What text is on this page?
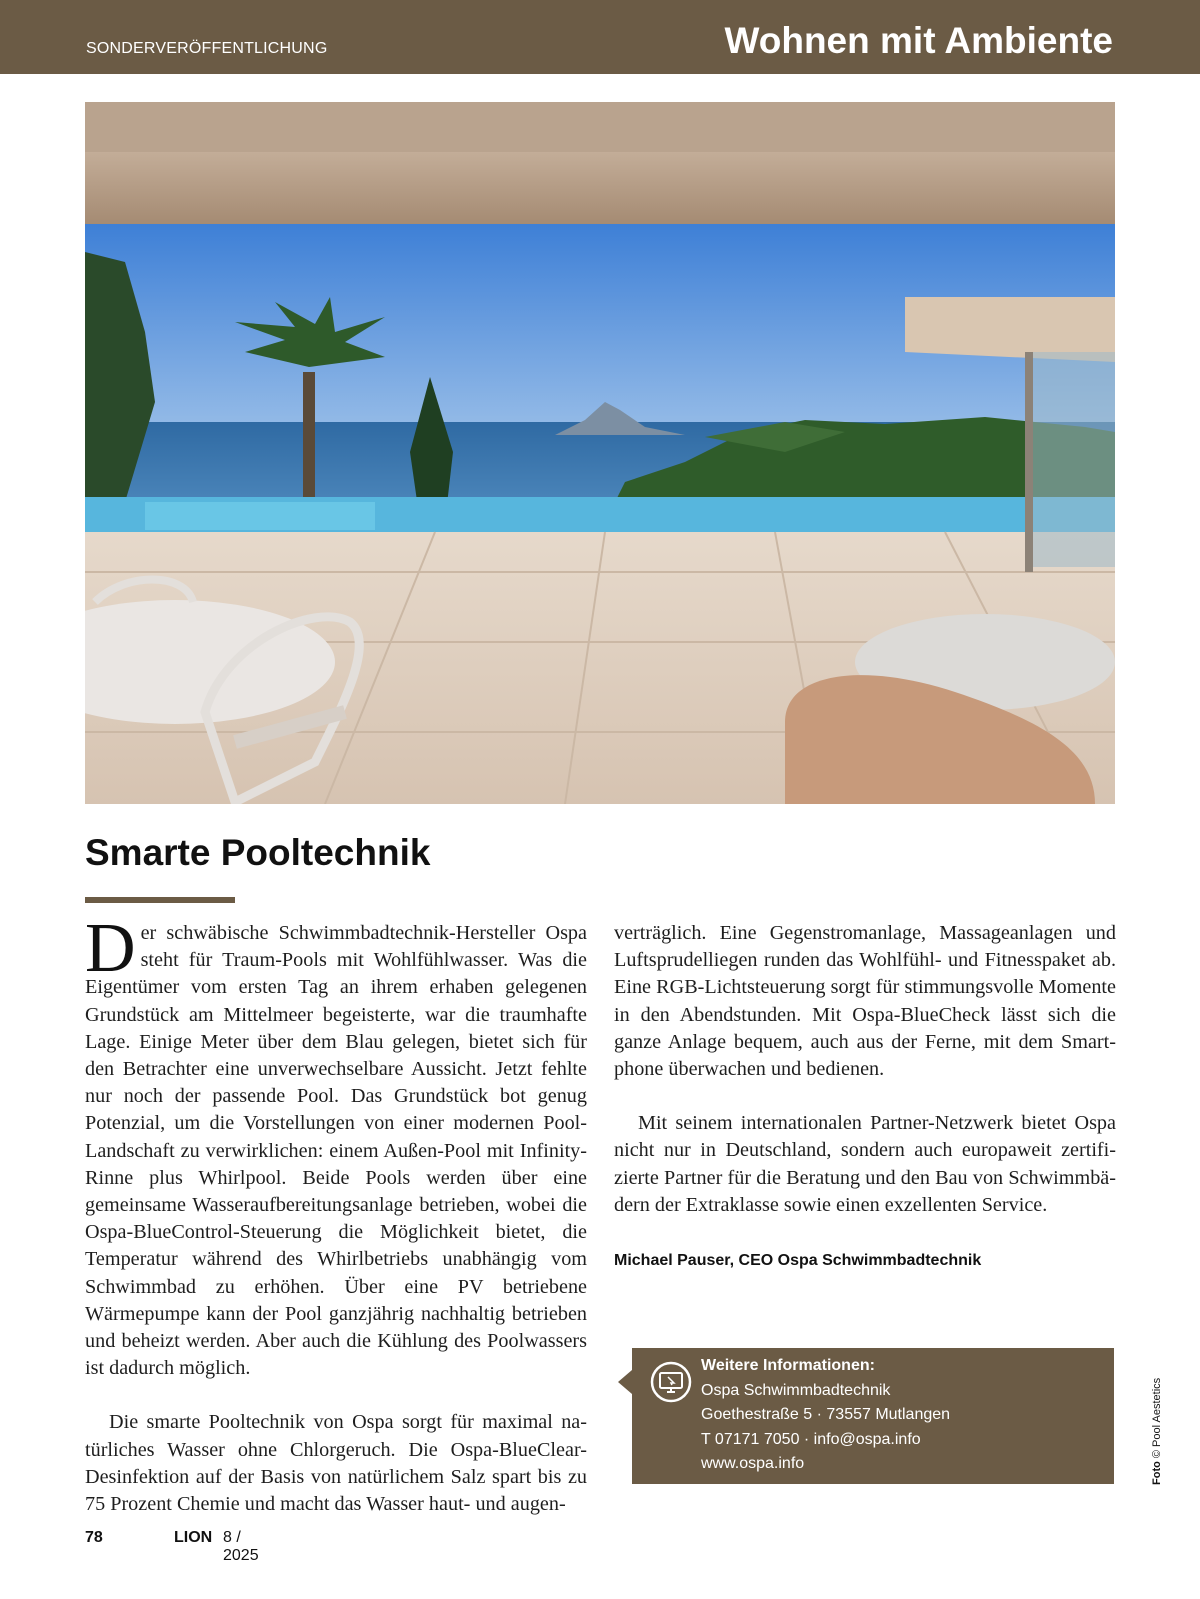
SONDERVERÖFFENTLICHUNG	Wohnen mit Ambiente
Smarte Pooltechnik

Der schwäbische Schwimmbadtechnik-Hersteller Ospa steht für Traum-Pools mit Wohlfühlwasser. Was die Eigentümer vom ersten Tag an ihrem erhaben gelegenen Grundstück am Mittelmeer begeisterte, war die traumhafte Lage. Einige Meter über dem Blau gelegen, bietet sich für den Betrachter eine unverwechselbare Aussicht. Jetzt fehlte nur noch der passende Pool. Das Grundstück bot genug Potenzial, um die Vorstellungen von einer modernen Pool-Landschaft zu verwirklichen: einem Außen-Pool mit Infinity-Rinne plus Whirlpool. Beide Pools werden über eine gemeinsame Wasseraufbereitungsanlage betrieben, wobei die Ospa-BlueControl-Steuerung die Möglichkeit bietet, die Temperatur während des Whirlbetriebs unabhängig vom Schwimmbad zu erhöhen. Über eine PV betriebene Wärmepumpe kann der Pool ganzjährig nachhaltig betrieben und beheizt werden. Aber auch die Kühlung des Poolwassers ist dadurch möglich.

Die smarte Pooltechnik von Ospa sorgt für maximal natürliches Wasser ohne Chlorgeruch. Die Ospa-BlueClear-Desinfektion auf der Basis von natürlichem Salz spart bis zu 75 Prozent Chemie und macht das Wasser haut- und augen-

verträglich. Eine Gegenstromanlage, Massageanlagen und Luftsprudelliegen runden das Wohlfühl- und Fitnesspaket ab. Eine RGB-Lichtsteuerung sorgt für stimmungsvolle Momente in den Abendstunden. Mit Ospa-BlueCheck lässt sich die ganze Anlage bequem, auch aus der Ferne, mit dem Smartphone überwachen und bedienen.

Mit seinem internationalen Partner-Netzwerk bietet Ospa nicht nur in Deutschland, sondern auch europaweit zertifizierte Partner für die Beratung und den Bau von Schwimmbädern der Extraklasse sowie einen exzellenten Service.

Michael Pauser, CEO Ospa Schwimmbadtechnik
Weitere Informationen:
Ospa Schwimmbadtechnik
Goethestraße 5 · 73557 Mutlangen
T 07171 7050 · info@ospa.info
www.ospa.info	Foto © Pool Aestetics
78	LION 8 / 2025
